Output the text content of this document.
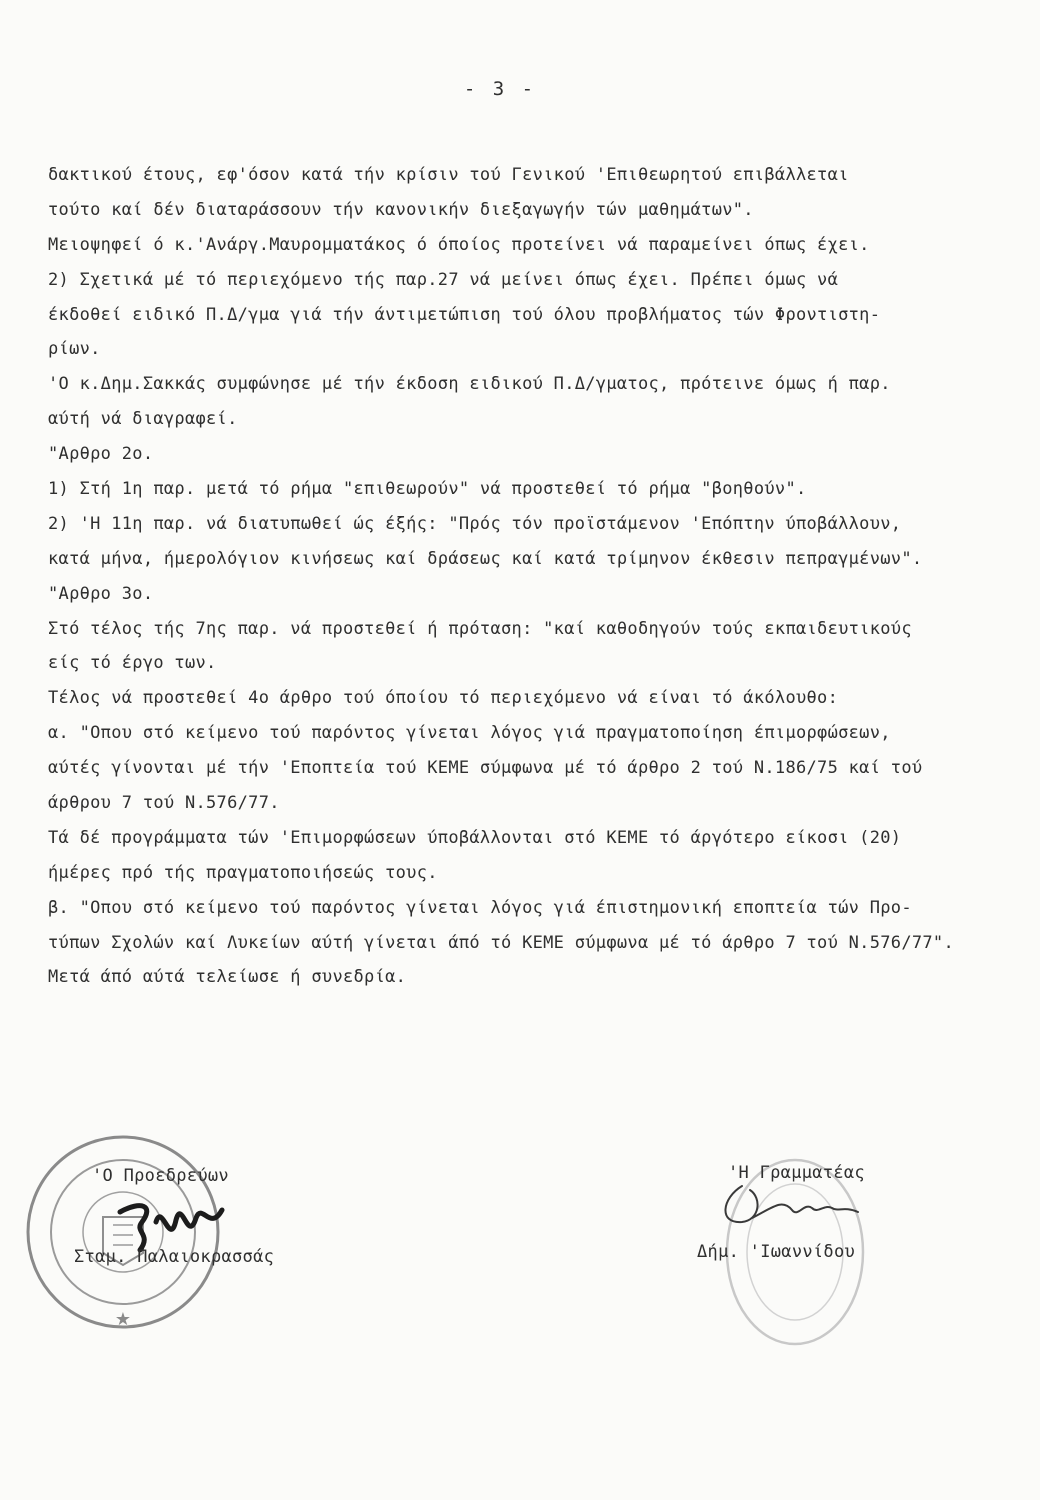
- 3 -
δακτικού έτους, εφ'όσον κατά τήν κρίσιν τού Γενικού 'Επιθεωρητού επιβάλλεται
τούτο καί δέν διαταράσσουν τήν κανονικήν διεξαγωγήν τών μαθημάτων".
Μειοψηφεί ό κ.'Ανάργ.Μαυρομματάκος ό όποίος προτείνει νά παραμείνει όπως έχει.
2) Σχετικά μέ τό περιεχόμενο τής παρ.27 νά μείνει όπως έχει. Πρέπει όμως νά
έκδοθεί ειδικό Π.Δ/γμα γιά τήν άντιμετώπιση τού όλου προβλήματος τών Φροντιστη-
ρίων.
'Ο κ.Δημ.Σακκάς συμφώνησε μέ τήν έκδοση ειδικού Π.Δ/γματος, πρότεινε όμως ή παρ.
αύτή νά διαγραφεί.
"Αρθρο 2ο.
1) Στή 1η παρ. μετά τό ρήμα "επιθεωρούν" νά προστεθεί τό ρήμα "βοηθούν".
2) 'Η 11η παρ. νά διατυπωθεί ώς έξής: "Πρός τόν προϊστάμενον 'Επόπτην ύποβάλλουν,
κατά μήνα, ήμερολόγιον κινήσεως καί δράσεως καί κατά τρίμηνον έκθεσιν πεπραγμένων".
"Αρθρο 3ο.
Στό τέλος τής 7ης παρ. νά προστεθεί ή πρόταση: "καί καθοδηγούν τούς εκπαιδευτικούς
είς τό έργο των.
Τέλος νά προστεθεί 4ο άρθρο τού όποίου τό περιεχόμενο νά είναι τό άκόλουθο:
α. "Οπου στό κείμενο τού παρόντος γίνεται λόγος γιά πραγματοποίηση έπιμορφώσεων,
αύτές γίνονται μέ τήν 'Εποπτεία τού ΚΕΜΕ σύμφωνα μέ τό άρθρο 2 τού Ν.186/75 καί τού
άρθρου 7 τού Ν.576/77.
Τά δέ προγράμματα τών 'Επιμορφώσεων ύποβάλλονται στό ΚΕΜΕ τό άργότερο είκοσι (20)
ήμέρες πρό τής πραγματοποιήσεώς τους.
β. "Οπου στό κείμενο τού παρόντος γίνεται λόγος γιά έπιστημονική εποπτεία τών Προ-
τύπων Σχολών καί Λυκείων αύτή γίνεται άπό τό ΚΕΜΕ σύμφωνα μέ τό άρθρο 7 τού Ν.576/77".
Μετά άπό αύτά τελείωσε ή συνεδρία.
★
'Ο Προεδρεύων
Σταμ. Παλαιοκρασσάς
'Η Γραμματέας
Δήμ. 'Ιωαννίδου
